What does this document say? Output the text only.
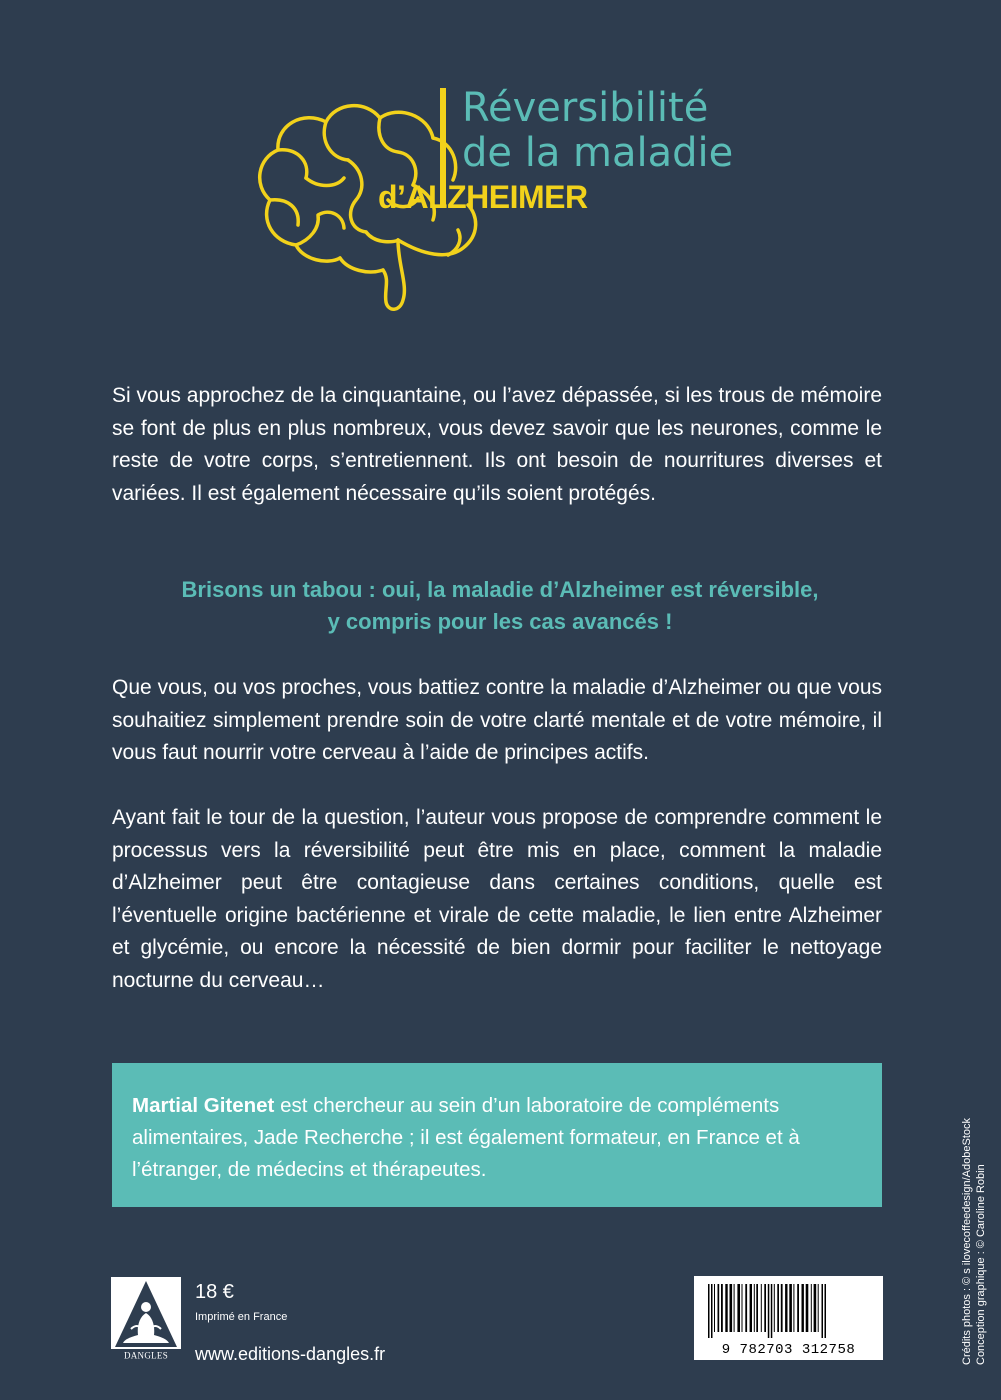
Réversibilité
de la maladie
d’ALZHEIMER

Si vous approchez de la cinquantaine, ou l’avez dépassée, si les trous de mémoire se font de plus en plus nombreux, vous devez savoir que les neurones, comme le reste de votre corps, s’entretiennent. Ils ont besoin de nourritures diverses et variées. Il est également nécessaire qu’ils soient protégés.

Brisons un tabou : oui, la maladie d’Alzheimer est réversible,
y compris pour les cas avancés !

Que vous, ou vos proches, vous battiez contre la maladie d’Alzheimer ou que vous souhaitiez simplement prendre soin de votre clarté mentale et de votre mémoire, il vous faut nourrir votre cerveau à l’aide de principes actifs.

Ayant fait le tour de la question, l’auteur vous propose de comprendre comment le processus vers la réversibilité peut être mis en place, comment la maladie d’Alzheimer peut être contagieuse dans certaines conditions, quelle est l’éventuelle origine bactérienne et virale de cette maladie, le lien entre Alzheimer et glycémie, ou encore la nécessité de bien dormir pour faciliter le nettoyage nocturne du cerveau…

Martial Gitenet est chercheur au sein d’un laboratoire de compléments alimentaires, Jade Recherche ; il est également formateur, en France et à l’étranger, de médecins et thérapeutes.

DANGLES
18 €
Imprimé en France
www.editions-dangles.fr	9 782703 312758	Crédits photos : © s ilovecoffeedesign/AdobeStock Conception graphique : © Caroline Robin
